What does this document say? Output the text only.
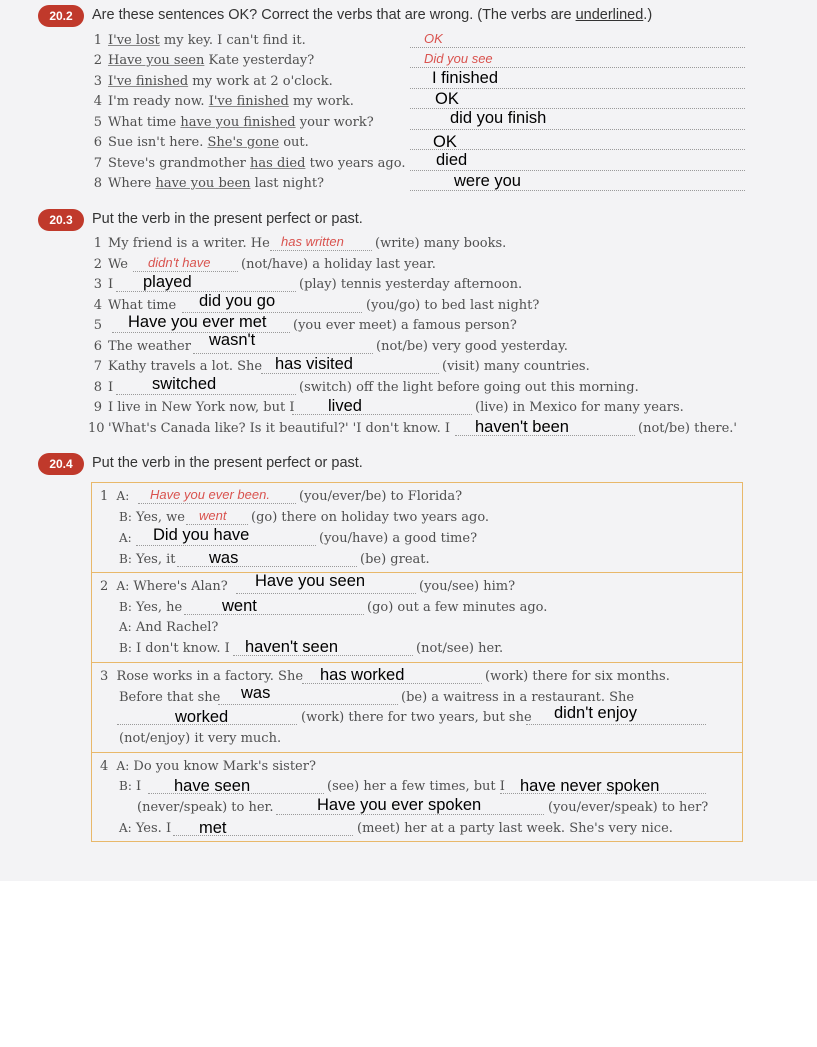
20.2	Are these sentences OK? Correct the verbs that are wrong. (The verbs are underlined.)
1 I've lost my key. I can't find it.	OK
2 Have you seen Kate yesterday?	Did you see
3 I've finished my work at 2 o'clock.	I finished
4 I'm ready now. I've finished my work.	OK
5 What time have you finished your work?	did you finish
6 Sue isn't here. She's gone out.	OK
7 Steve's grandmother has died two years ago. died
8 Where have you been last night?	were you
20.3	Put the verb in the present perfect or past.
1 My friend is a writer. He has written (write) many books.
2 We didn't have (not/have) a holiday last year.
3 I played	(play) tennis yesterday afternoon.
4 What time did you go	(you/go) to bed last night?
5	Have you ever met (you ever meet) a famous person?
6 The weather wasn't	(not/be) very good yesterday.
7 Kathy travels a lot. She has visited	(visit) many countries.
8 I switched	(switch) off the light before going out this morning.
9 I live in New York now, but I lived	(live) in Mexico for many years.
10 'What's Canada like? Is it beautiful?' 'I don't know. I haven't been	(not/be) there.'
20.4	Put the verb in the present perfect or past.
1 A: Have you ever been. (you/ever/be) to Florida?
B: Yes, we went (go) there on holiday two years ago.
A: Did you have	(you/have) a good time?
B: Yes, it was	(be) great.
2 A: Where's Alan? Have you seen	(you/see) him?
B: Yes, he went	(go) out a few minutes ago.
A: And Rachel?
B: I don't know. I haven't seen	(not/see) her.
3 Rose works in a factory. She has worked	(work) there for six months.
Before that she was	(be) a waitress in a restaurant. She
worked	(work) there for two years, but she didn't enjoy
(not/enjoy) it very much.
4 A: Do you know Mark's sister?
B: I have seen	(see) her a few times, but I have never spoken
(never/speak) to her.	Have you ever spoken	(you/ever/speak) to her?
A: Yes. I met	(meet) her at a party last week. She's very nice.
